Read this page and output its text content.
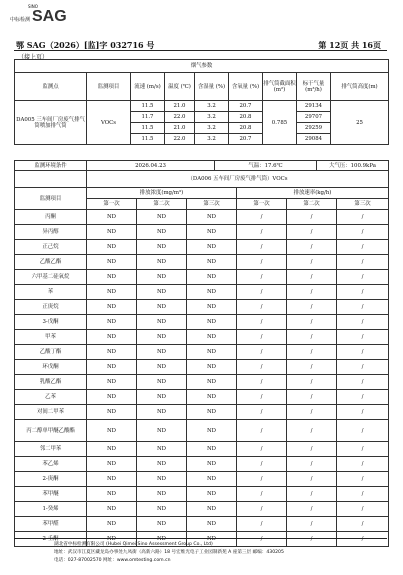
SINO
SAG
中标检测
鄂 SAG（2026）[监]字 032716 号	第 12页 共 16页
（接上页）
烟气参数								
监测点	监测项目	流速 (m/s)	温度 (℃)	含湿量 (%)	含氧量 (%)	排气筒截面积 (m²)	标干气量 (m³/h)	排气筒高度(m)
DA005 三车间厂房废气排气筒喷加排气筒	VOCs	11.5	21.0	3.2	20.7	0.785	29134	25
		11.7	22.0	3.2	20.8		29707	
		11.5	21.0	3.2	20.8		29259	
		11.5	22.0	3.2	20.7		29084	
监测环境条件	2026.04.23	气温：17.6℃	大气压：100.9kPa
	（DA006 五车间厂房废气排气筒）VOCs					
监测项目	排放浓度(mg/m³)			排放速率(kg/h)		
	第一次	第二次	第三次	第一次	第二次	第三次
丙酮	ND	ND	ND	/	/	/
异丙醇	ND	ND	ND	/	/	/
正己烷	ND	ND	ND	/	/	/
乙酸乙酯	ND	ND	ND	/	/	/
六甲基二硅氧烷	ND	ND	ND	/	/	/
苯	ND	ND	ND	/	/	/
正庚烷	ND	ND	ND	/	/	/
3-戊酮	ND	ND	ND	/	/	/
甲苯	ND	ND	ND	/	/	/
乙酸丁酯	ND	ND	ND	/	/	/
环戊酮	ND	ND	ND	/	/	/
乳酸乙酯	ND	ND	ND	/	/	/
乙苯	ND	ND	ND	/	/	/
对间二甲苯	ND	ND	ND	/	/	/
丙二醇单甲醚乙酸酯	ND	ND	ND	/	/	/
邻二甲苯	ND	ND	ND	/	/	/
苯乙烯	ND	ND	ND	/	/	/
2-庚酮	ND	ND	ND	/	/	/
苯甲醚	ND	ND	ND	/	/	/
1-癸烯	ND	ND	ND	/	/	/
苯甲醛	ND	ND	ND	/	/	/
2-壬酮	ND	ND	ND	/	/	/
湖北省中标检测有限公司 (Hubei Qimei Sino Assessment Group Co., Ltd)
地址：武汉市江夏区藏龙岛办事处九凤街（高新六路）18 号宏维光电子工业园制新苑 A 座第三层 邮编：430205
电话：027-87002570 网址：www.omtesting.com.cn
